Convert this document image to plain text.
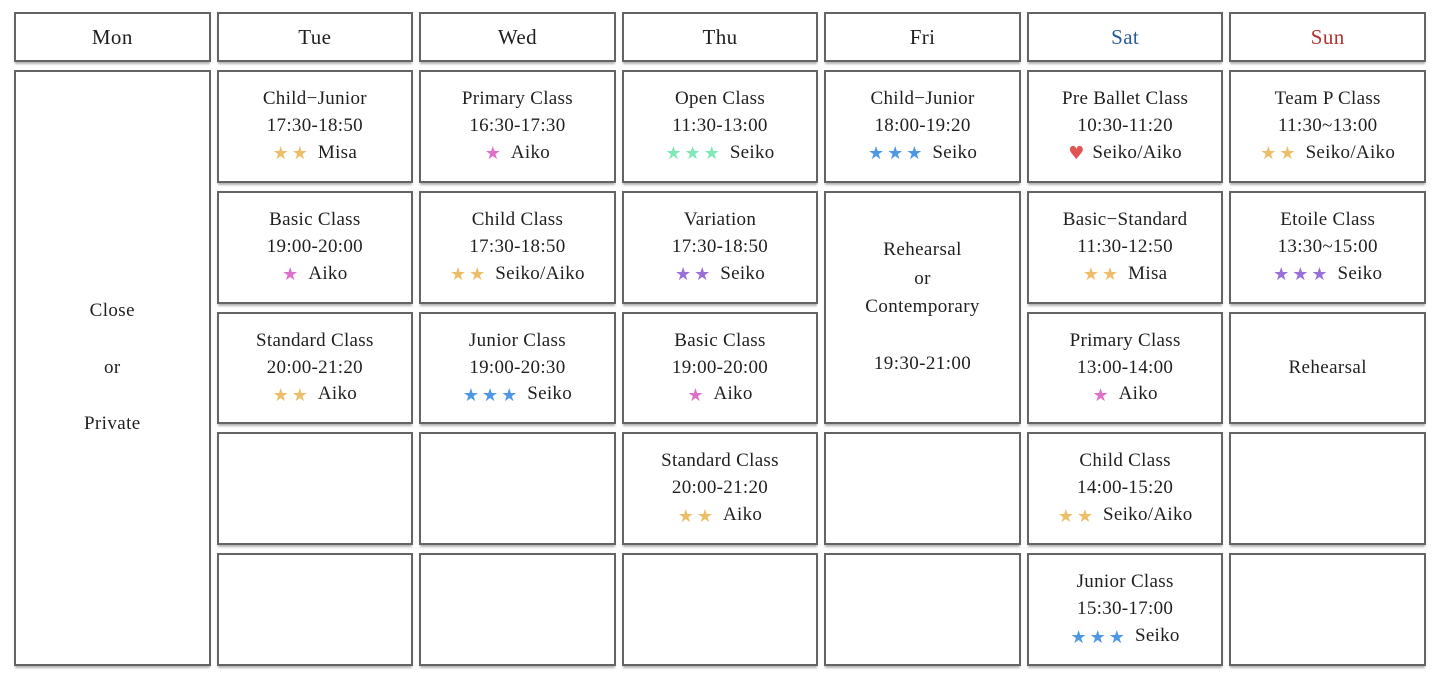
Mon
Close
or
Private
Tue
Child−Junior
17:30-18:50
★★ Misa
Basic Class
19:00-20:00
★ Aiko
Standard Class
20:00-21:20
★★ Aiko
Wed
Primary Class
16:30-17:30
★ Aiko
Child Class
17:30-18:50
★★ Seiko/Aiko
Junior Class
19:00-20:30
★★★ Seiko
Thu
Open Class
11:30-13:00
★★★ Seiko
Variation
17:30-18:50
★★ Seiko
Basic Class
19:00-20:00
★ Aiko
Standard Class
20:00-21:20
★★ Aiko
Fri
Child−Junior
18:00-19:20
★★★ Seiko
Rehearsal
or
Contemporary
19:30-21:00
Sat
Pre Ballet Class
10:30-11:20
♥ Seiko/Aiko
Basic−Standard
11:30-12:50
★★ Misa
Primary Class
13:00-14:00
★ Aiko
Child Class
14:00-15:20
★★ Seiko/Aiko
Junior Class
15:30-17:00
★★★ Seiko
Sun
Team P Class
11:30~13:00
★★ Seiko/Aiko
Etoile Class
13:30~15:00
★★★ Seiko
Rehearsal
